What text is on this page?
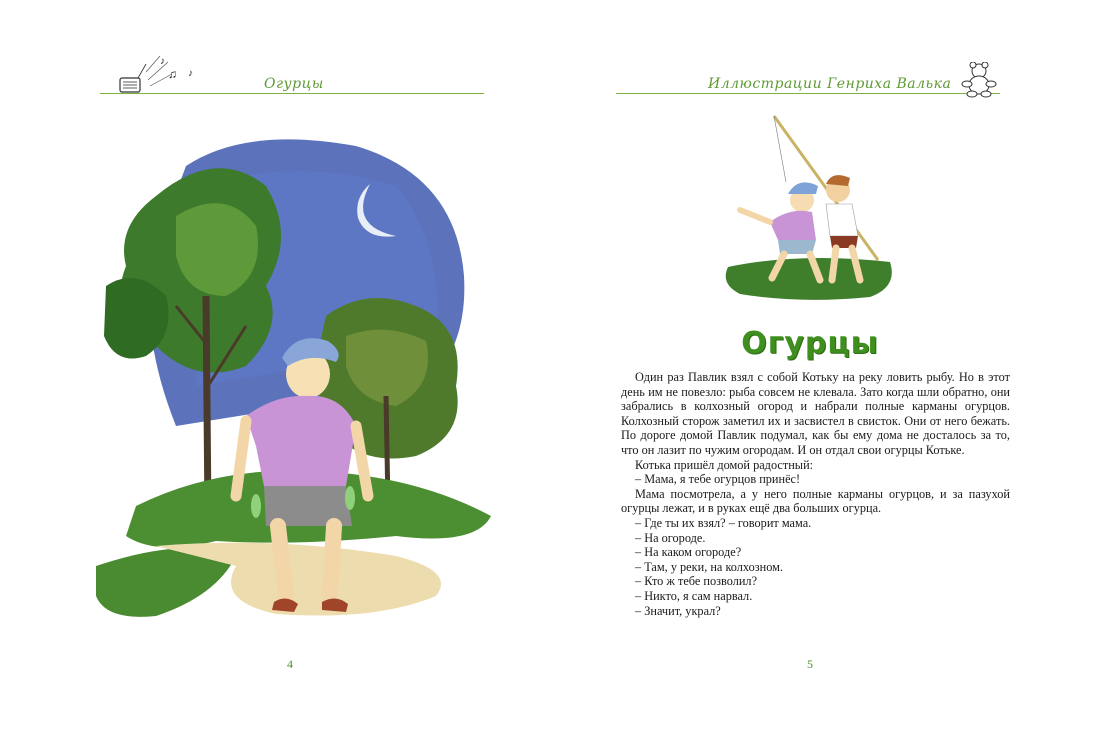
♪
♫ ♪
Огурцы
4
Иллюстрации Генриха Валька
Огурцы

Один раз Павлик взял с собой Котьку на реку ловить рыбу. Но в этот день им не повезло: рыба совсем не клевала. Зато когда шли обратно, они забрались в колхозный огород и набрали полные карманы огурцов. Колхозный сторож заметил их и засвистел в свисток. Они от него бежать. По дороге домой Павлик подумал, как бы ему дома не досталось за то, что он лазит по чужим огородам. И он отдал свои огурцы Котьке.

Котька пришёл домой радостный:

– Мама, я тебе огурцов принёс!

Мама посмотрела, а у него полные карманы огурцов, и за пазухой огурцы лежат, и в руках ещё два больших огурца.

– Где ты их взял? – говорит мама.

– На огороде.

– На каком огороде?

– Там, у реки, на колхозном.

– Кто ж тебе позволил?

– Никто, я сам нарвал.

– Значит, украл?

5
